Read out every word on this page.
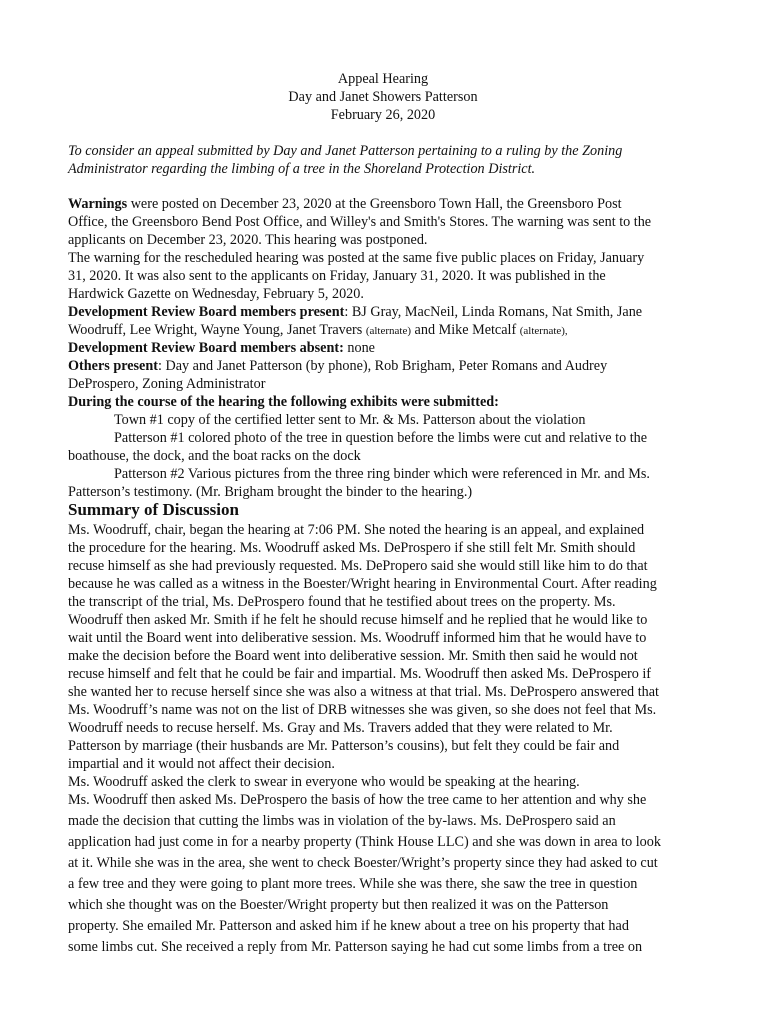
Appeal Hearing
Day and Janet Showers Patterson
February 26, 2020
To consider an appeal submitted by Day and Janet Patterson pertaining to a ruling by the Zoning
Administrator regarding the limbing of a tree in the Shoreland Protection District.
Warnings were posted on December 23, 2020 at the Greensboro Town Hall, the Greensboro Post
Office, the Greensboro Bend Post Office, and Willey's and Smith's Stores. The warning was sent to the
applicants on December 23, 2020. This hearing was postponed.
The warning for the rescheduled hearing was posted at the same five public places on Friday, January
31, 2020. It was also sent to the applicants on Friday, January 31, 2020. It was published in the
Hardwick Gazette on Wednesday, February 5, 2020.
Development Review Board members present: BJ Gray, MacNeil, Linda Romans, Nat Smith, Jane
Woodruff, Lee Wright, Wayne Young, Janet Travers (alternate) and Mike Metcalf (alternate),
Development Review Board members absent: none
Others present: Day and Janet Patterson (by phone), Rob Brigham, Peter Romans and Audrey
DeProspero, Zoning Administrator
During the course of the hearing the following exhibits were submitted:
Town #1 copy of the certified letter sent to Mr. & Ms. Patterson about the violation
Patterson #1 colored photo of the tree in question before the limbs were cut and relative to the
boathouse, the dock, and the boat racks on the dock
Patterson #2 Various pictures from the three ring binder which were referenced in Mr. and Ms.
Patterson’s testimony. (Mr. Brigham brought the binder to the hearing.)
Summary of Discussion
Ms. Woodruff, chair, began the hearing at 7:06 PM. She noted the hearing is an appeal, and explained
the procedure for the hearing. Ms. Woodruff asked Ms. DeProspero if she still felt Mr. Smith should
recuse himself as she had previously requested. Ms. DePropero said she would still like him to do that
because he was called as a witness in the Boester/Wright hearing in Environmental Court. After reading
the transcript of the trial, Ms. DeProspero found that he testified about trees on the property. Ms.
Woodruff then asked Mr. Smith if he felt he should recuse himself and he replied that he would like to
wait until the Board went into deliberative session. Ms. Woodruff informed him that he would have to
make the decision before the Board went into deliberative session. Mr. Smith then said he would not
recuse himself and felt that he could be fair and impartial. Ms. Woodruff then asked Ms. DeProspero if
she wanted her to recuse herself since she was also a witness at that trial. Ms. DeProspero answered that
Ms. Woodruff’s name was not on the list of DRB witnesses she was given, so she does not feel that Ms.
Woodruff needs to recuse herself. Ms. Gray and Ms. Travers added that they were related to Mr.
Patterson by marriage (their husbands are Mr. Patterson’s cousins), but felt they could be fair and
impartial and it would not affect their decision.
Ms. Woodruff asked the clerk to swear in everyone who would be speaking at the hearing.
Ms. Woodruff then asked Ms. DeProspero the basis of how the tree came to her attention and why she
made the decision that cutting the limbs was in violation of the by-laws. Ms. DeProspero said an
application had just come in for a nearby property (Think House LLC) and she was down in area to look
at it. While she was in the area, she went to check Boester/Wright’s property since they had asked to cut
a few tree and they were going to plant more trees. While she was there, she saw the tree in question
which she thought was on the Boester/Wright property but then realized it was on the Patterson
property. She emailed Mr. Patterson and asked him if he knew about a tree on his property that had
some limbs cut. She received a reply from Mr. Patterson saying he had cut some limbs from a tree on
